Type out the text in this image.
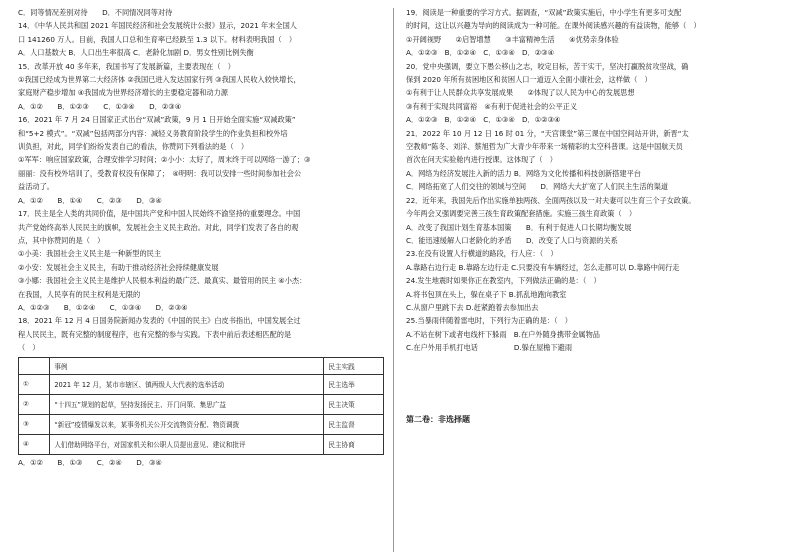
C．同等情况差别对待　　D．不同情况同等对待
14．《中华人民共和国 2021 年国民经济和社会发展统计公报》显示，2021 年末全国人
口 141260 万人。目前，我国人口总和生育率已经跌至 1.3 以下。材料表明我国（　）
A．人口基数大 B．人口出生率很高 C．老龄化加剧 D．男女性别比例失衡
15．改革开放 40 多年来，我国书写了发展新篇，主要表现在（　）
①我国已经成为世界第二大经济体 ②我国已进入发达国家行列 ③我国人民收入较快增长，
家庭财产稳步增加 ④我国成为世界经济增长的主要稳定器和动力源
A．①②　　B．①②③　　C．①③④　　D．②③④
16．2021 年 7 月 24 日国家正式出台“双减”政策，9 月 1 日开始全面实施“双减政策”
和“5+2 模式”。“双减”包括两部分内容：减轻义务教育阶段学生的作业负担和校外培
训负担，对此，同学们纷纷发表自己的看法，你赞同下列看法的是（　）
①军军：响应国家政策，合理安排学习时间；②小小：太好了，周末终于可以网络一游了；③
丽丽：没有校外培训了，受教育权没有保障了；　④明明：我可以安排一些时间参加社会公
益活动了。
A．①②　　B．①④　　C．②③　　D．③④
17．民主是全人类的共同价值，是中国共产党和中国人民始终不渝坚持的重要理念。中国
共产党始终高举人民民主的旗帜，发展社会主义民主政治。对此，同学们发表了各自的观
点，其中你赞同的是（　）
①小美：我国社会主义民主是一种新型的民主
②小安：发展社会主义民主，有助于推动经济社会持续健康发展
③小娜：我国社会主义民主是维护人民根本利益的最广泛、最真实、最管用的民主 ④小杰：
在我国，人民享有的民主权利是无限的
A．①②③　　B．①②④　　C．①③④　　D．②③④
18．2021 年 12 月 4 日国务院新闻办发表的《中国的民主》白皮书指出，中国发展全过
程人民民主，既有完整的制度程序，也有完整的参与实践。下表中前后表述相匹配的是
（　）
	事例	民主实践
①	2021 年 12 月，某市市辖区、镇两级人大代表的选举活动	民主选举
②	“十四五”规划的起草，坚持发扬民主、开门问策、集思广益	民主决策
③	“新冠”疫情爆发以来，某事务机关公开交流物资分配、物资调拨	民主监督
④	人们借助网络平台，对国家机关和公职人员提出意见、建议和批评	民主协商
A．①②　　B．①③　　C．②④　　D．③④
19．阅读是一种重要的学习方式。据调查，“双减”政策实施后，中小学生有更多可支配
的时间，这让以兴趣为导向的阅读成为一种可能。在课外阅读感兴趣的有益读物，能够（　）
①开阔视野　　②启智增慧　　③丰富精神生活　　④优势亲身体验
A．①②③　B．①②④　C．①③④　D．②③④
20．党中央强调，要立下愚公移山之志，咬定目标，苦干实干，坚决打赢脱贫攻坚战，确
保到 2020 年所有贫困地区和贫困人口一道迈入全面小康社会，这样做（　）
①有利于让人民群众共享发展成果　　②体现了以人民为中心的发展思想
③有利于实现共同富裕　④有利于促进社会的公平正义
A．①②③　B．①②④　C．①③④　D．①②③④
21．2022 年 10 月 12 日 16 时 01 分，“天宫课堂”第三课在中国空间站开讲，新晋“太
空教师”陈冬、刘洋、蔡旭哲为广大青少年带来一场精彩的太空科普课。这是中国航天员
首次在问天实验舱内进行授课。这体现了（　）
A．网络为经济发展注入新的活力 B．网络为文化传播和科技创新搭建平台
C．网络拓宽了人们交往的领域与空间　　D．网络大大扩宽了人们民主生活的渠道
22．近年来，我国先后作出实施单独两孩、全面两孩以及一对夫妻可以生育三个子女政策。
今年两会又强调要完善三孩生育政策配套措施。实施三孩生育政策（　）
A．改变了我国计划生育基本国策　　B．有利于促进人口长期均衡发展
C．能迅速缓解人口老龄化的矛盾　　D．改变了人口与资源的关系
23.在没有设置人行横道的路段，行人应：（　）
A.靠路右边行走 B.靠路左边行走 C.只要没有车辆经过，怎么走都可以 D.靠路中间行走
24.发生地震时如果你正在教室内，下列做法正确的是：（　）
A.将书包顶在头上，躲在桌子下 B.抓乱地跑向教室
C.从窗户里跳下去 D.赶紧跑着去参加出去
25.当暴雨伴随着雷电时，下列行为正确的是：（　）
A.不站在树下或者电线杆下躲雨　B.在户外随身携带金属物品
C.在户外用手机打电话　　　　　D.躲在屋檐下避雨
第二卷：非选择题
